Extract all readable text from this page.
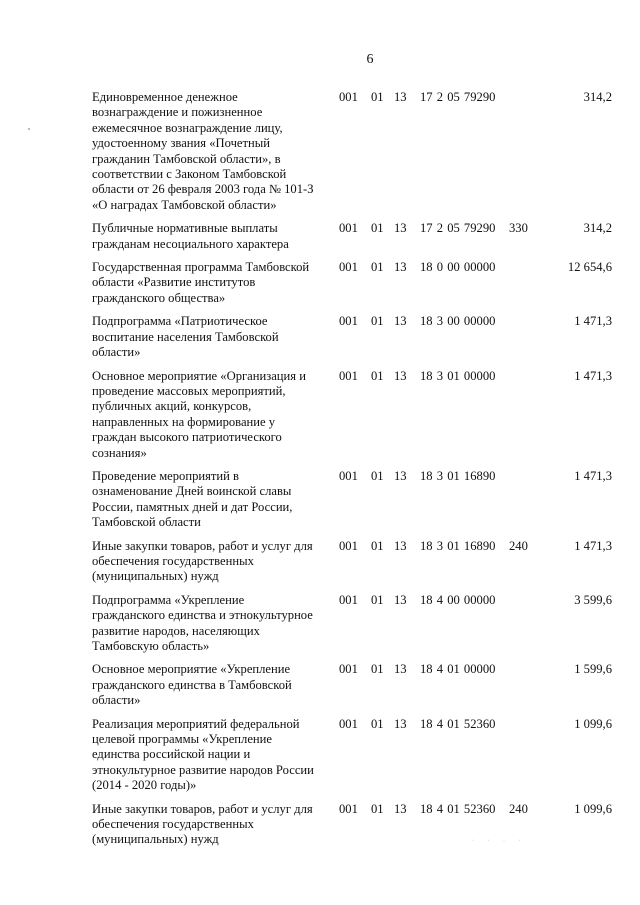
6
Единовременное денежное вознаграждение и пожизненное ежемесячное вознаграждение лицу, удостоенному звания «Почетный гражданин Тамбовской области», в соответствии с Законом Тамбовской области от 26 февраля 2003 года № 101-З «О наградах Тамбовской области»
001 01 13 17 2 05 79290	314,2
Публичные нормативные выплаты гражданам несоциального характера
001 01 13 17 2 05 79290 330	314,2
Государственная программа Тамбовской области «Развитие институтов гражданского общества»
001 01 13 18 0 00 00000	12 654,6
Подпрограмма «Патриотическое воспитание населения Тамбовской области»
001 01 13 18 3 00 00000	1 471,3
Основное мероприятие «Организация и проведение массовых мероприятий, публичных акций, конкурсов, направленных на формирование у граждан высокого патриотического сознания»
001 01 13 18 3 01 00000	1 471,3
Проведение мероприятий в ознаменование Дней воинской славы России, памятных дней и дат России, Тамбовской области
001 01 13 18 3 01 16890	1 471,3
Иные закупки товаров, работ и услуг для обеспечения государственных (муниципальных) нужд
001 01 13 18 3 01 16890 240	1 471,3
Подпрограмма «Укрепление гражданского единства и этнокультурное развитие народов, населяющих Тамбовскую область»
001 01 13 18 4 00 00000	3 599,6
Основное мероприятие «Укрепление гражданского единства в Тамбовской области»
001 01 13 18 4 01 00000	1 599,6
Реализация мероприятий федеральной целевой программы «Укрепление единства российской нации и этнокультурное развитие народов России (2014 - 2020 годы)»
001 01 13 18 4 01 52360	1 099,6
Иные закупки товаров, работ и услуг для обеспечения государственных (муниципальных) нужд
001 01 13 18 4 01 52360 240	1 099,6
· · · ·
